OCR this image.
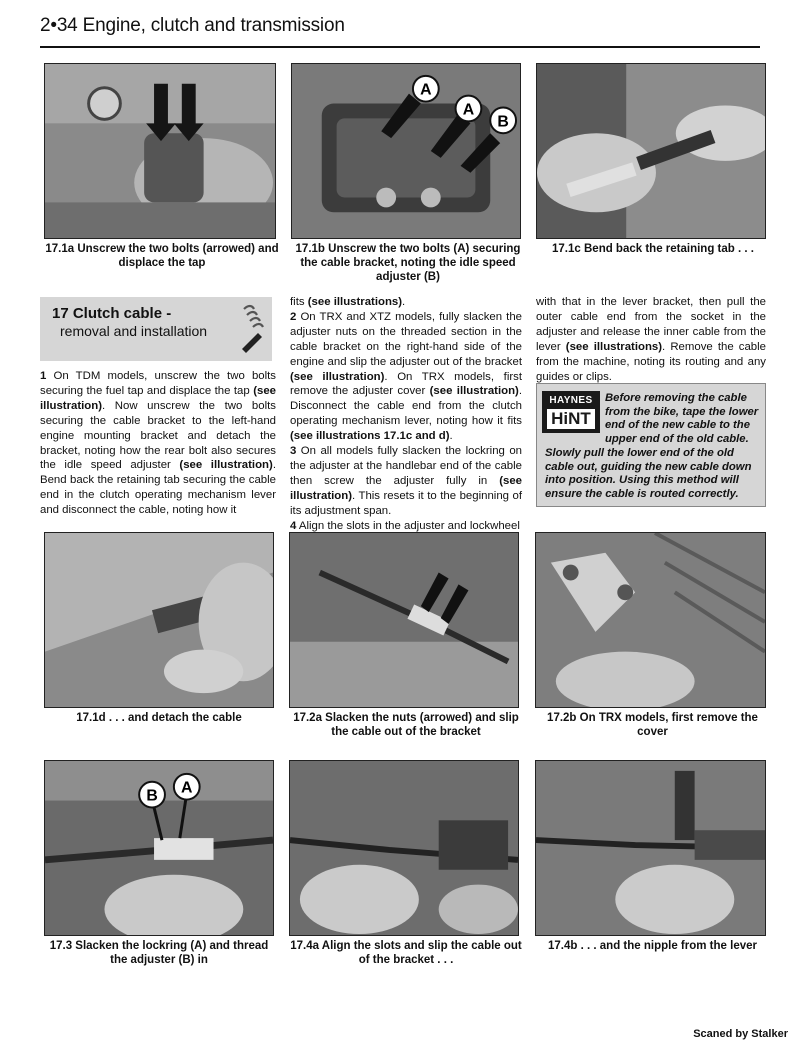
2•34 Engine, clutch and transmission
17.1a Unscrew the two bolts (arrowed) and displace the tap
A
A
B
17.1b Unscrew the two bolts (A) securing the cable bracket, noting the idle speed adjuster (B)
17.1c Bend back the retaining tab . . .
17 Clutch cable -
removal and installation

1 On TDM models, unscrew the two bolts securing the fuel tap and displace the tap (see illustration). Now unscrew the two bolts securing the cable bracket to the left-hand engine mounting bracket and detach the bracket, noting how the rear bolt also secures the idle speed adjuster (see illustration). Bend back the retaining tab securing the cable end in the clutch operating mechanism lever and disconnect the cable, noting how it

fits (see illustrations).

2 On TRX and XTZ models, fully slacken the adjuster nuts on the threaded section in the cable bracket on the right-hand side of the engine and slip the adjuster out of the bracket (see illustration). On TRX models, first remove the adjuster cover (see illustration). Disconnect the cable end from the clutch operating mechanism lever, noting how it fits (see illustrations 17.1c and d).

3 On all models fully slacken the lockring on the adjuster at the handlebar end of the cable then screw the adjuster fully in (see illustration). This resets it to the beginning of its adjustment span.

4 Align the slots in the adjuster and lockwheel

with that in the lever bracket, then pull the outer cable end from the socket in the adjuster and release the inner cable from the lever (see illustrations). Remove the cable from the machine, noting its routing and any guides or clips.

HAYNES
HiNT
Before removing the cable
from the bike, tape the lower
end of the new cable to the
upper end of the old cable.
Slowly pull the lower end of the old cable out, guiding the new cable down into position. Using this method will ensure the cable is routed correctly.
17.1d . . . and detach the cable	17.2a Slacken the nuts (arrowed) and slip the cable out of the bracket
17.2b On TRX models, first remove the cover
B A
17.3 Slacken the lockring (A) and thread the adjuster (B) in
17.4a Align the slots and slip the cable out of the bracket . . .
17.4b . . . and the nipple from the lever
Scaned by Stalker
